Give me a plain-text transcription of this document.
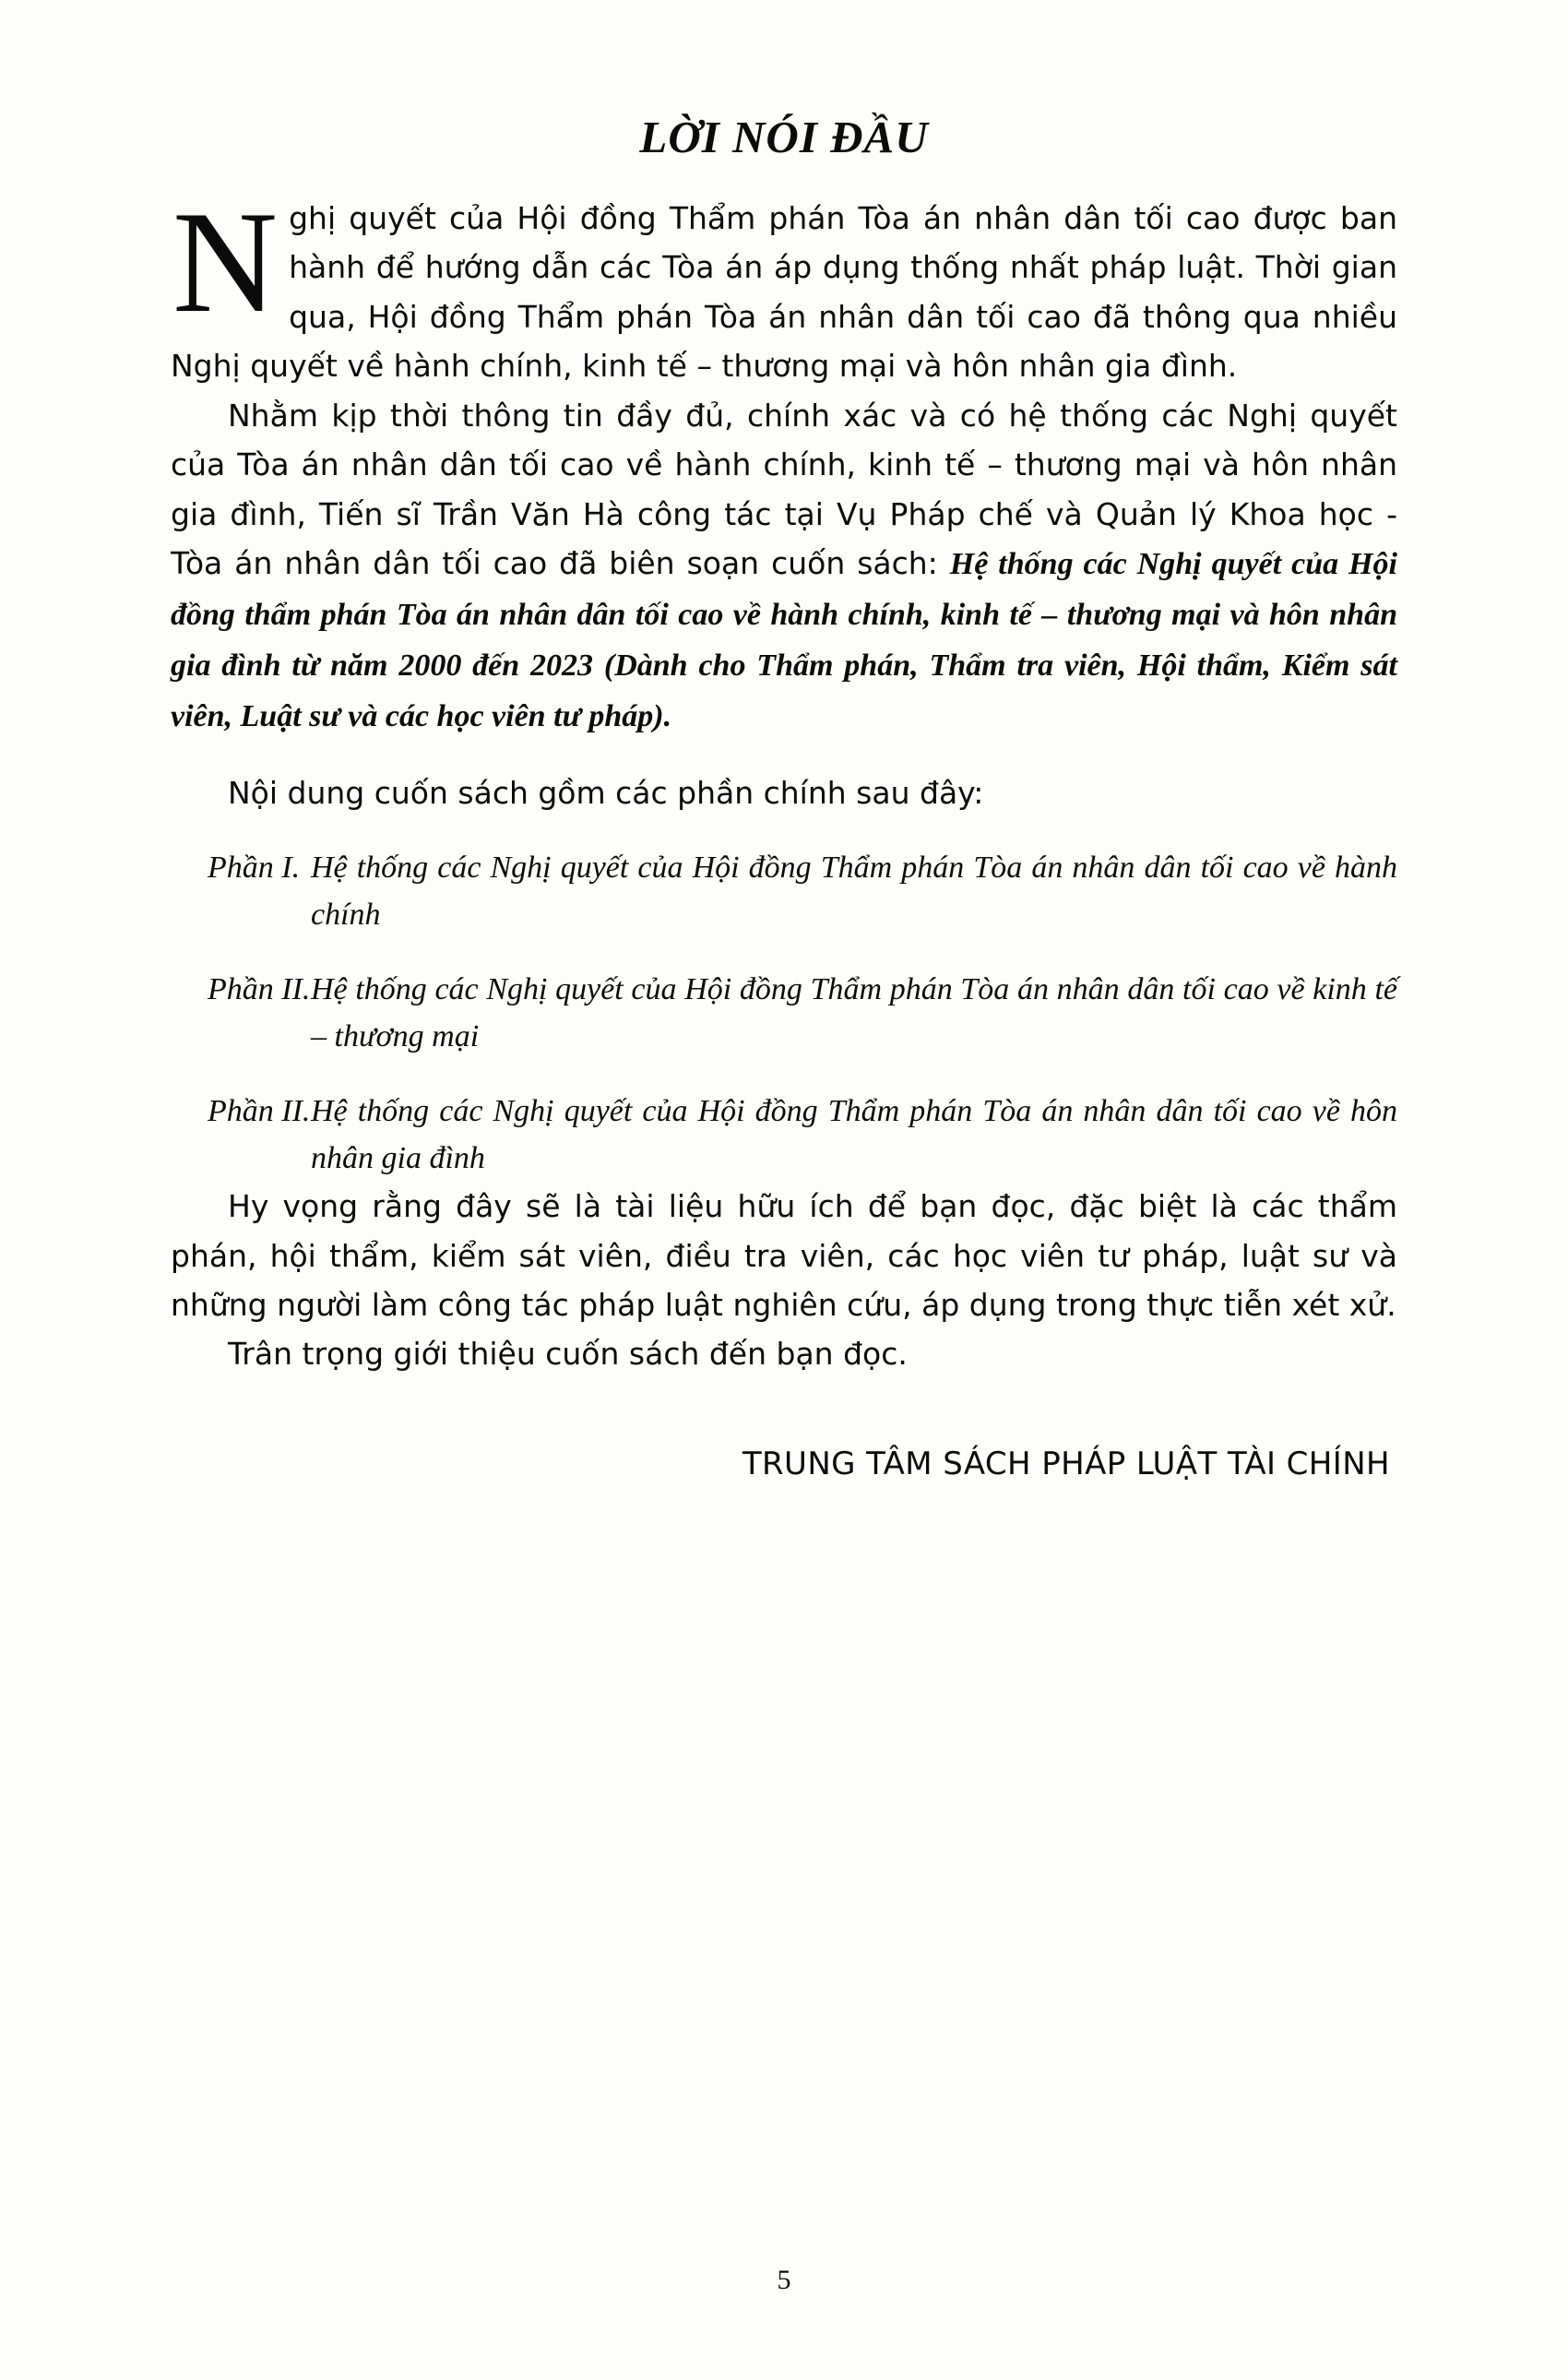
LỜI NÓI ĐẦU

Nghị quyết của Hội đồng Thẩm phán Tòa án nhân dân tối cao được ban hành để hướng dẫn các Tòa án áp dụng thống nhất pháp luật. Thời gian qua, Hội đồng Thẩm phán Tòa án nhân dân tối cao đã thông qua nhiều Nghị quyết về hành chính, kinh tế – thương mại và hôn nhân gia đình.

Nhằm kịp thời thông tin đầy đủ, chính xác và có hệ thống các Nghị quyết của Tòa án nhân dân tối cao về hành chính, kinh tế – thương mại và hôn nhân gia đình, Tiến sĩ Trần Văn Hà công tác tại Vụ Pháp chế và Quản lý Khoa học - Tòa án nhân dân tối cao đã biên soạn cuốn sách: Hệ thống các Nghị quyết của Hội đồng thẩm phán Tòa án nhân dân tối cao về hành chính, kinh tế – thương mại và hôn nhân gia đình từ năm 2000 đến 2023 (Dành cho Thẩm phán, Thẩm tra viên, Hội thẩm, Kiểm sát viên, Luật sư và các học viên tư pháp).

Nội dung cuốn sách gồm các phần chính sau đây:
Phần I. Hệ thống các Nghị quyết của Hội đồng Thẩm phán Tòa án nhân dân tối cao về hành chính
Phần II. Hệ thống các Nghị quyết của Hội đồng Thẩm phán Tòa án nhân dân tối cao về kinh tế – thương mại
Phần II. Hệ thống các Nghị quyết của Hội đồng Thẩm phán Tòa án nhân dân tối cao về hôn nhân gia đình

Hy vọng rằng đây sẽ là tài liệu hữu ích để bạn đọc, đặc biệt là các thẩm phán, hội thẩm, kiểm sát viên, điều tra viên, các học viên tư pháp, luật sư và những người làm công tác pháp luật nghiên cứu, áp dụng trong thực tiễn xét xử.

Trân trọng giới thiệu cuốn sách đến bạn đọc.

TRUNG TÂM SÁCH PHÁP LUẬT TÀI CHÍNH
5
